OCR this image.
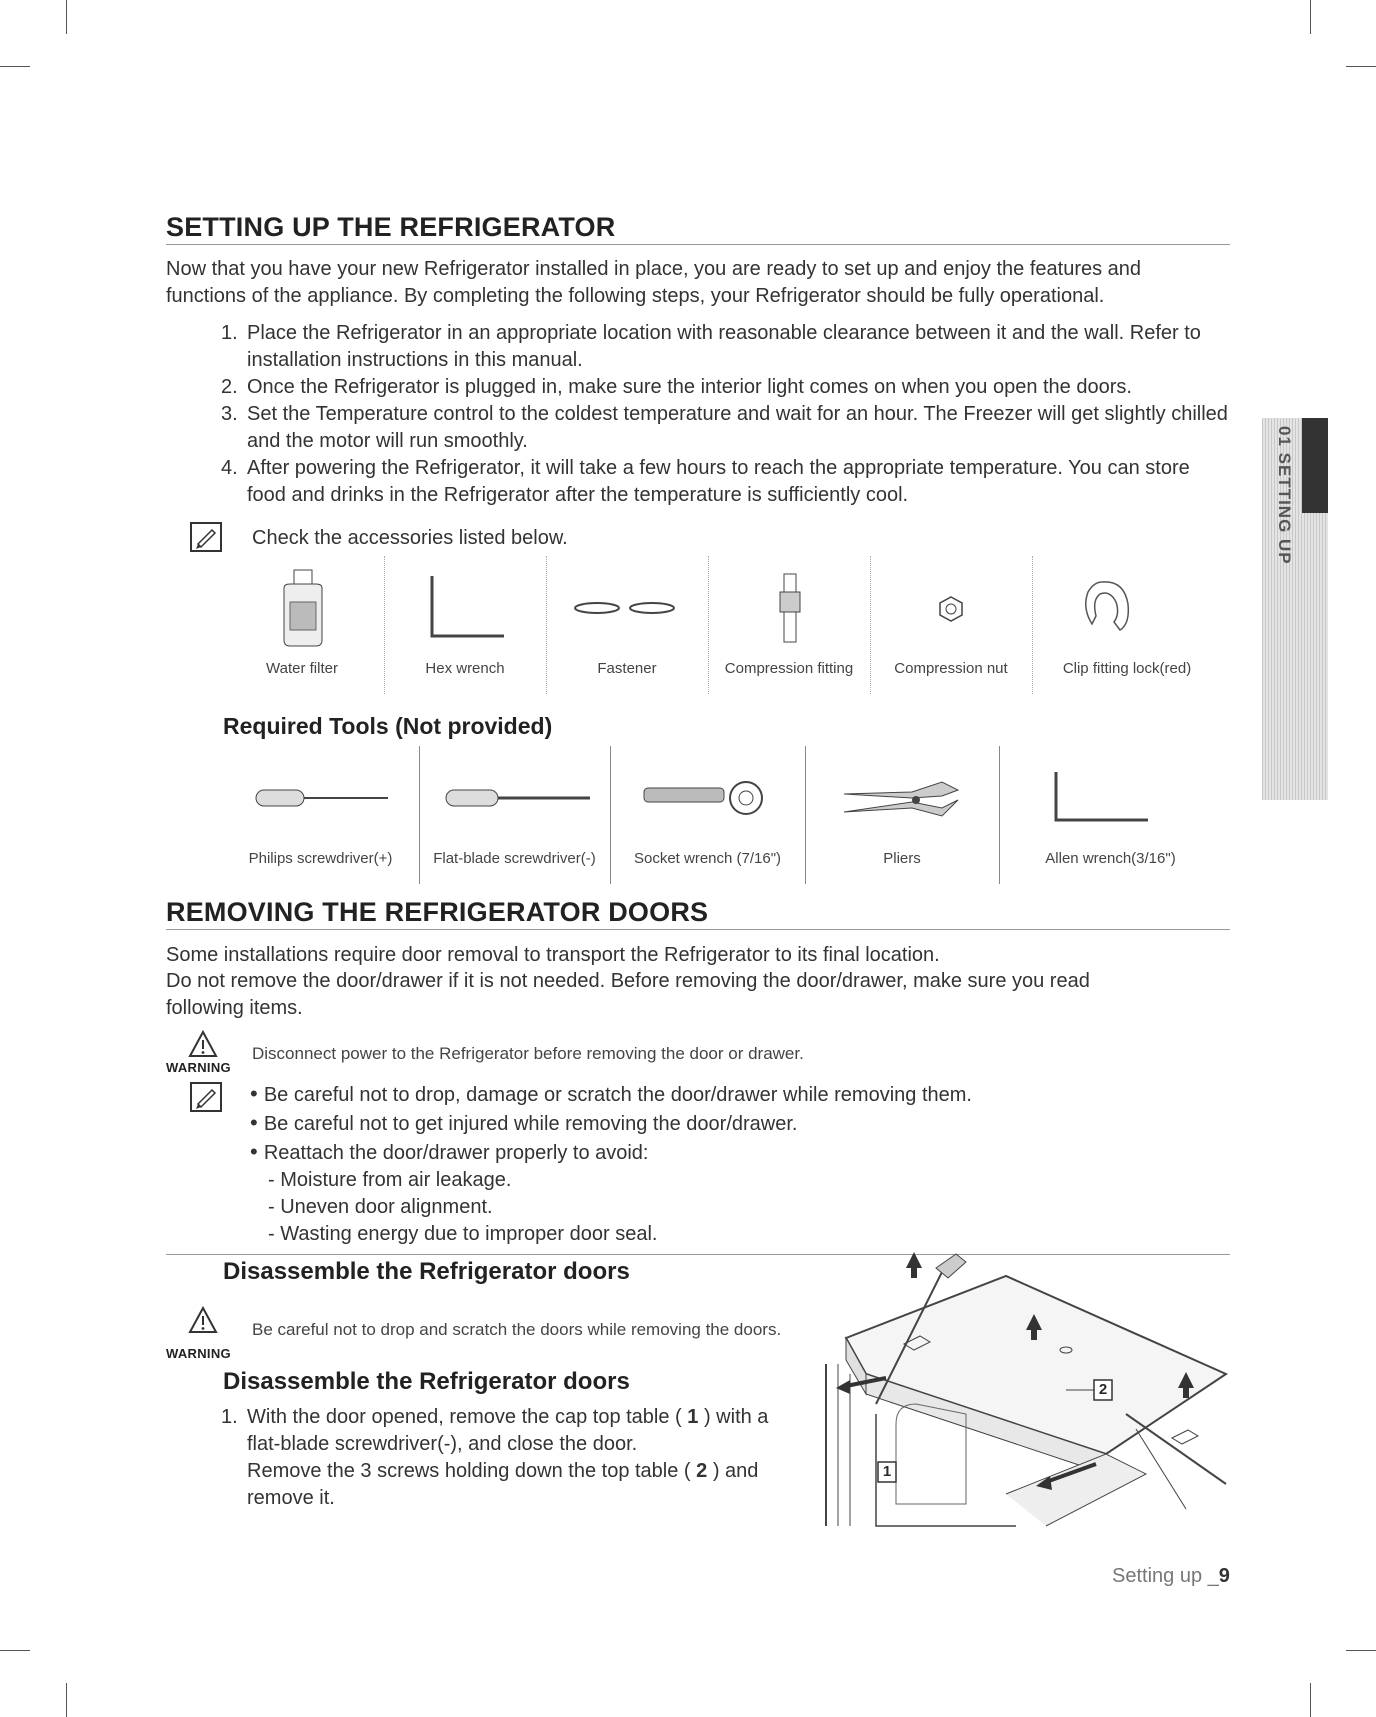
01 SETTING UP
SETTING UP THE REFRIGERATOR
Now that you have your new Refrigerator installed in place, you are ready to set up and enjoy the features and functions of the appliance. By completing the following steps, your Refrigerator should be fully operational.
1. Place the Refrigerator in an appropriate location with reasonable clearance between it and the wall. Refer to installation instructions in this manual.
2. Once the Refrigerator is plugged in, make sure the interior light comes on when you open the doors.
3. Set the Temperature control to the coldest temperature and wait for an hour. The Freezer will get slightly chilled and the motor will run smoothly.
4. After powering the Refrigerator, it will take a few hours to reach the appropriate temperature. You can store food and drinks in the Refrigerator after the temperature is sufficiently cool.
Check the accessories listed below.
Water filter	Hex wrench	Fastener	Compression fitting	Compression nut	Clip fitting lock(red)
Required Tools (Not provided)
Philips screwdriver(+)	Flat-blade screwdriver(-)	Socket wrench (7/16")	Pliers	Allen wrench(3/16")
REMOVING THE REFRIGERATOR DOORS
Some installations require door removal to transport the Refrigerator to its final location.
Do not remove the door/drawer if it is not needed. Before removing the door/drawer, make sure you read following items.
WARNING
Disconnect power to the Refrigerator before removing the door or drawer.
• Be careful not to drop, damage or scratch the door/drawer while removing them.
• Be careful not to get injured while removing the door/drawer.
• Reattach the door/drawer properly to avoid:
- Moisture from air leakage.
- Uneven door alignment.
- Wasting energy due to improper door seal.
Disassemble the Refrigerator doors
WARNING
Be careful not to drop and scratch the doors while removing the doors.
Disassemble the Refrigerator doors
1. With the door opened, remove the cap top table ( 1 ) with a flat-blade screwdriver(-), and close the door.
Remove the 3 screws holding down the top table ( 2 ) and remove it.
2
1
Setting up _9
